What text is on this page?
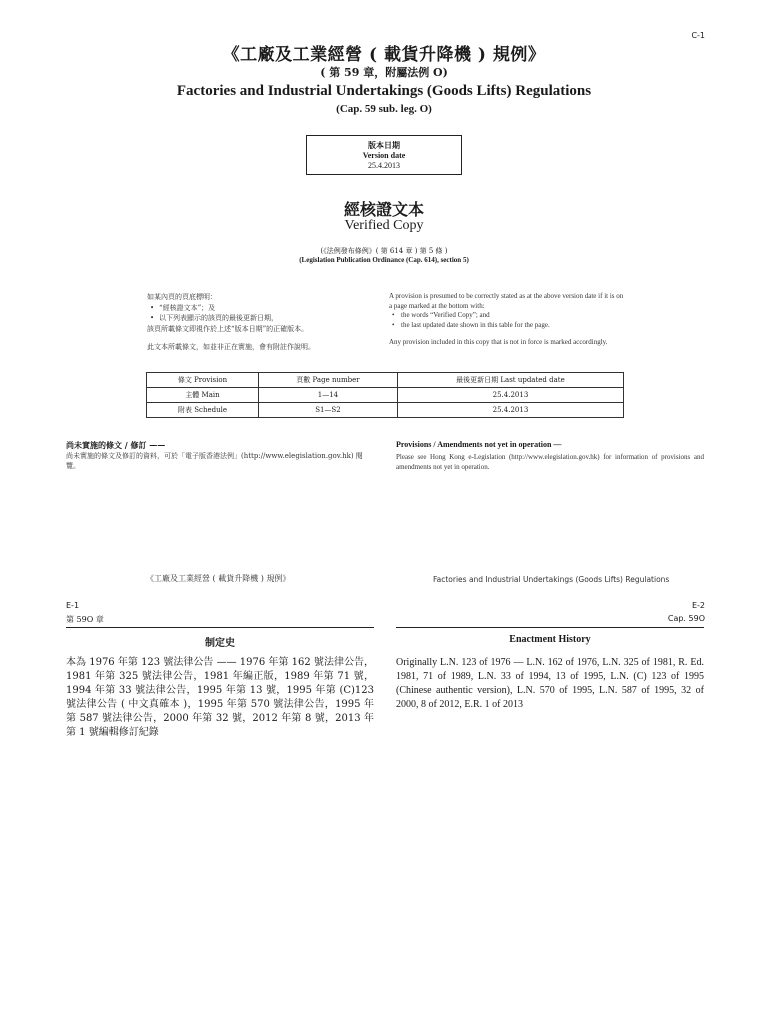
C-1
《工廠及工業經營 ( 載貨升降機 ) 規例》
( 第 59 章，附屬法例 O)
Factories and Industrial Undertakings (Goods Lifts) Regulations
(Cap. 59 sub. leg. O)
版本日期
Version date
25.4.2013
經核證文本
Verified Copy
(《法例發布條例》( 第 614 章 ) 第 5 條 )
(Legislation Publication Ordinance (Cap. 614), section 5)
如某內頁的頁底標明：
• “經核證文本”；及
• 以下列表顯示的該頁的最後更新日期，
該頁所載條文即視作於上述“版本日期”的正確版本。
此文本所載條文，如並非正在實施，會有附註作說明。
A provision is presumed to be correctly stated as at the above version date if it is on a page marked at the bottom with:
• the words “Verified Copy”; and
• the last updated date shown in this table for the page.
Any provision included in this copy that is not in force is marked accordingly.
條文 Provision	頁數 Page number	最後更新日期 Last updated date
主體 Main	1—14	25.4.2013
附表 Schedule	S1—S2	25.4.2013
尚未實施的條文 / 修訂 ——
尚未實施的條文及修訂的資料，可於「電子版香港法例」(http://www.elegislation.gov.hk) 閱覽。
Provisions / Amendments not yet in operation —
Please see Hong Kong e-Legislation (http://www.elegislation.gov.hk) for information of provisions and amendments not yet in operation.
《工廠及工業經營 ( 載貨升降機 ) 規例》	Factories and Industrial Undertakings (Goods Lifts) Regulations
E-1
第 59O 章
E-2
Cap. 59O
制定史	Enactment History
本為 1976 年第 123 號法律公告 —— 1976 年第 162 號法律公告，1981 年第 325 號法律公告，1981 年編正版，1989 年第 71 號，1994 年第 33 號法律公告，1995 年第 13 號，1995 年第 (C)123 號法律公告 ( 中文真確本 )，1995 年第 570 號法律公告，1995 年第 587 號法律公告，2000 年第 32 號，2012 年第 8 號，2013 年第 1 號編輯修訂紀錄
Originally L.N. 123 of 1976 — L.N. 162 of 1976, L.N. 325 of 1981, R. Ed. 1981, 71 of 1989, L.N. 33 of 1994, 13 of 1995, L.N. (C) 123 of 1995 (Chinese authentic version), L.N. 570 of 1995, L.N. 587 of 1995, 32 of 2000, 8 of 2012, E.R. 1 of 2013
